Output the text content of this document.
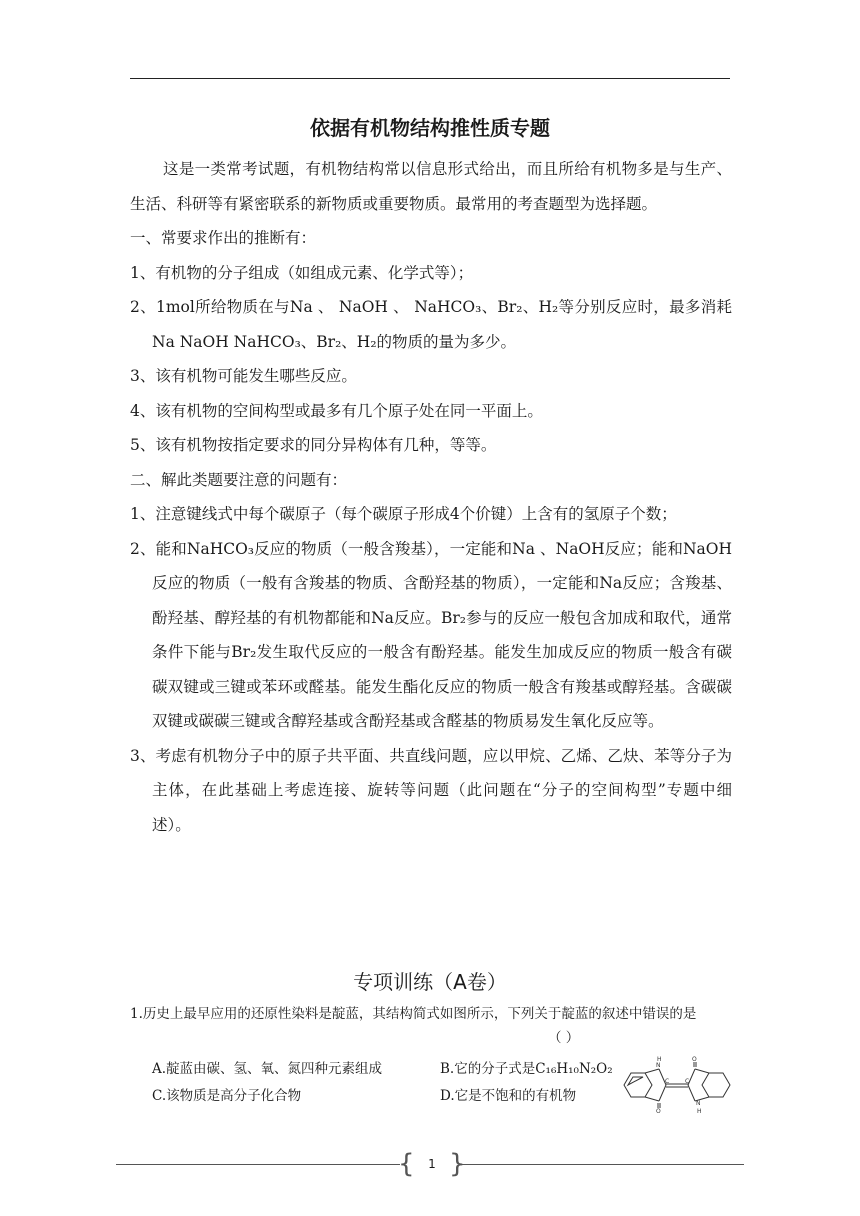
依据有机物结构推性质专题

这是一类常考试题，有机物结构常以信息形式给出，而且所给有机物多是与生产、生活、科研等有紧密联系的新物质或重要物质。最常用的考查题型为选择题。

一、常要求作出的推断有：

1、有机物的分子组成（如组成元素、化学式等）；

2、1mol所给物质在与Na 、 NaOH 、 NaHCO₃、Br₂、H₂等分别反应时，最多消耗 Na NaOH NaHCO₃、Br₂、H₂的物质的量为多少。

3、该有机物可能发生哪些反应。

4、该有机物的空间构型或最多有几个原子处在同一平面上。

5、该有机物按指定要求的同分异构体有几种，等等。

二、解此类题要注意的问题有：

1、注意键线式中每个碳原子（每个碳原子形成4个价键）上含有的氢原子个数；

2、能和NaHCO₃反应的物质（一般含羧基），一定能和Na 、NaOH反应；能和NaOH反应的物质（一般有含羧基的物质、含酚羟基的物质），一定能和Na反应；含羧基、酚羟基、醇羟基的有机物都能和Na反应。Br₂参与的反应一般包含加成和取代，通常条件下能与Br₂发生取代反应的一般含有酚羟基。能发生加成反应的物质一般含有碳碳双键或三键或苯环或醛基。能发生酯化反应的物质一般含有羧基或醇羟基。含碳碳双键或碳碳三键或含醇羟基或含酚羟基或含醛基的物质易发生氧化反应等。

3、考虑有机物分子中的原子共平面、共直线问题，应以甲烷、乙烯、乙炔、苯等分子为主体，在此基础上考虑连接、旋转等问题（此问题在“分子的空间构型”专题中细述）。

专项训练（A卷）

1.历史上最早应用的还原性染料是靛蓝，其结构简式如图所示，下列关于靛蓝的叙述中错误的是

（ ）
A.靛蓝由碳、氢、氧、氮四种元素组成	B.它的分子式是C₁₆H₁₀N₂O₂
C.该物质是高分子化合物	D.它是不饱和的有机物
N
H
N
H
O
O
C	C
{ }
1
